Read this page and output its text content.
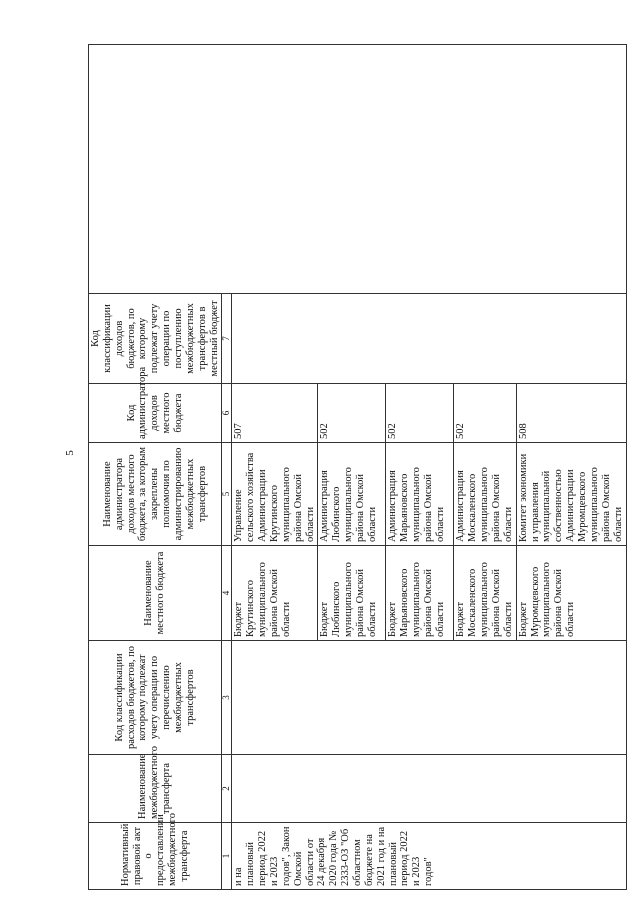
5
Нормативный правовой акт о предоставлении межбюджетного трансферта	Наименование межбюджетного трансферта	Код классификации расходов бюджетов, по которому подлежат учету операции по перечислению межбюджетных трансфертов	Наименование местного бюджета	Наименование администратора доходов местного бюджета, за которым закреплены полномочия по администрированию межбюджетных трансфертов	Код администратора доходов местного бюджета	Код классификации доходов бюджетов, по которому подлежат учету операции по поступлению межбюджетных трансфертов в местный бюджет	
1	2	3	4	5	6	7	
и на плановый период 2022 и 2023 годов", Закон Омской области от 24 декабря 2020 года № 2333-ОЗ "Об областном бюджете на 2021 год и на плановый период 2022 и 2023 годов"			Бюджет Крутинского муниципального района Омской области	Управление сельского хозяйства Администрации Крутинского муниципального района Омской области	507		
			Бюджет Любинского муниципального района Омской области	Администрация Любинского муниципального района Омской области	502		
			Бюджет Марьяновского муниципального района Омской области	Администрация Марьяновского муниципального района Омской области	502		
			Бюджет Москаленского муниципального района Омской области	Администрация Москаленского муниципального района Омской области	502		
			Бюджет Муромцевского муниципального района Омской области	Комитет экономики и управления муниципальной собственностью Администрации Муромцевского муниципального района Омской области	508		
